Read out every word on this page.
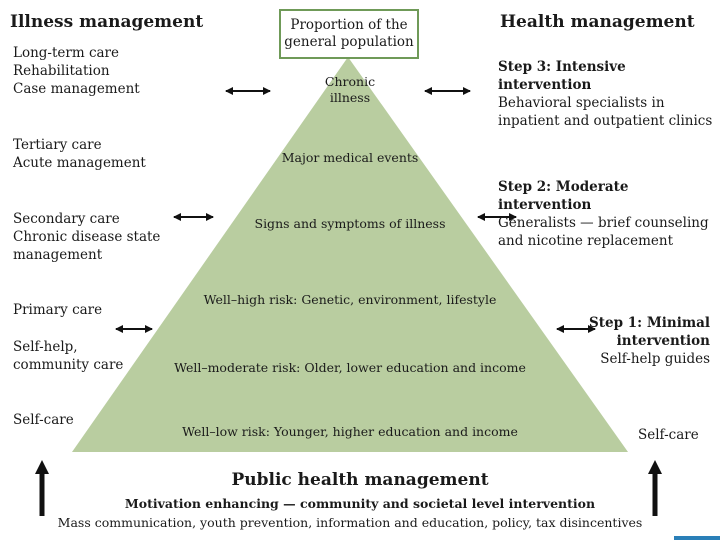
Proportion of the
general population
Illness management
Long-term care
Rehabilitation
Case management
Tertiary care
Acute management
Secondary care
Chronic disease state
management
Primary care
Self-help,
community care
Self-care
Health management
Step 3: Intensive intervention
Behavioral specialists in
inpatient and outpatient clinics
Step 2: Moderate intervention
Generalists — brief counseling
and nicotine replacement
Step 1: Minimal
intervention
Self-help guides
Self-care
Chronic
illness
Major medical events
Signs and symptoms of illness
Well–high risk: Genetic, environment, lifestyle
Well–moderate risk: Older, lower education and income
Well–low risk: Younger, higher education and income
Public health management
Motivation enhancing — community and societal level intervention
Mass communication, youth prevention, information and education, policy, tax disincentives
